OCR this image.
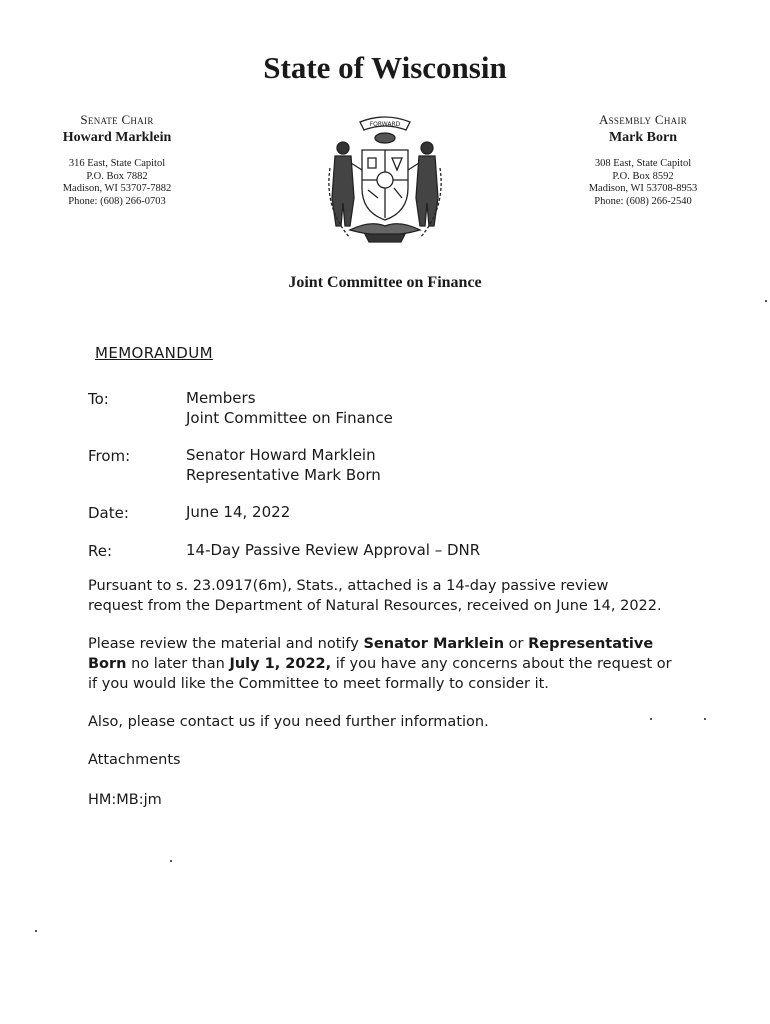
State of Wisconsin
Senate Chair
Howard Marklein
316 East, State Capitol
P.O. Box 7882
Madison, WI 53707-7882
Phone: (608) 266-0703
Assembly Chair
Mark Born
308 East, State Capitol
P.O. Box 8592
Madison, WI 53708-8953
Phone: (608) 266-2540
FORWARD
Joint Committee on Finance
MEMORANDUM
To:	Members
Joint Committee on Finance
From:	Senator Howard Marklein
Representative Mark Born
Date:	June 14, 2022
Re:	14-Day Passive Review Approval – DNR
Pursuant to s. 23.0917(6m), Stats., attached is a 14-day passive review request from the Department of Natural Resources, received on June 14, 2022.
Please review the material and notify Senator Marklein or Representative Born no later than July 1, 2022, if you have any concerns about the request or if you would like the Committee to meet formally to consider it.
Also, please contact us if you need further information.
Attachments
HM:MB:jm
